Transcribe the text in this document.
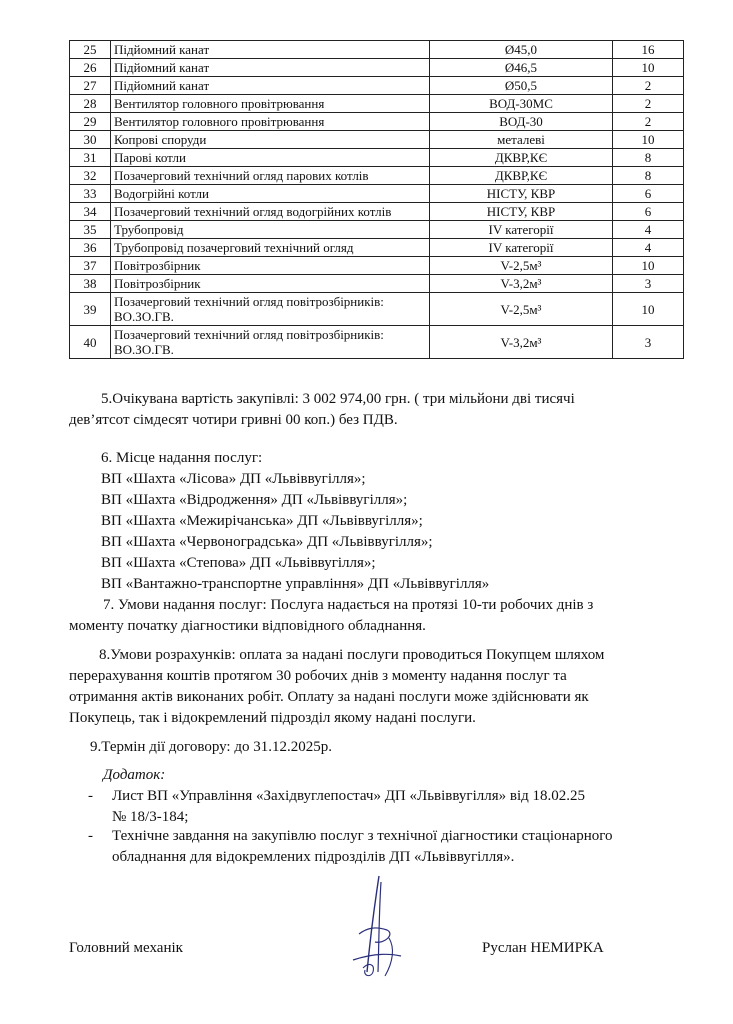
25	Підйомний канат	Ø45,0	16
26	Підйомний канат	Ø46,5	10
27	Підйомний канат	Ø50,5	2
28	Вентилятор головного провітрювання	ВОД-30МС	2
29	Вентилятор головного провітрювання	ВОД-30	2
30	Копрові споруди	металеві	10
31	Парові котли	ДКВР,КЄ	8
32	Позачерговий технічний огляд парових котлів	ДКВР,КЄ	8
33	Водогрійні котли	НІСТУ, КВР	6
34	Позачерговий технічний огляд водогрійних котлів	НІСТУ, КВР	6
35	Трубопровід	IV категорії	4
36	Трубопровід позачерговий технічний огляд	IV категорії	4
37	Повітрозбірник	V-2,5м³	10
38	Повітрозбірник	V-3,2м³	3
39	Позачерговий технічний огляд повітрозбірників: ВО.ЗО.ГВ.	V-2,5м³	10
40	Позачерговий технічний огляд повітрозбірників: ВО.ЗО.ГВ.	V-3,2м³	3
5.Очікувана вартість закупівлі: 3 002 974,00 грн. ( три мільйони дві тисячі
дев’ятсот сімдесят чотири гривні 00 коп.) без ПДВ.
6. Місце надання послуг:
ВП «Шахта «Лісова» ДП «Львіввугілля»;
ВП «Шахта «Відродження» ДП «Львіввугілля»;
ВП «Шахта «Межирічанська» ДП «Львіввугілля»;
ВП «Шахта «Червоноградська» ДП «Львіввугілля»;
ВП «Шахта «Степова» ДП «Львіввугілля»;
ВП «Вантажно-транспортне управління» ДП «Львіввугілля»
7. Умови надання послуг: Послуга надається на протязі 10-ти робочих днів з
моменту початку діагностики відповідного обладнання.
8.Умови розрахунків: оплата за надані послуги проводиться Покупцем шляхом
перерахування коштів протягом 30 робочих днів з моменту надання послуг та
отримання актів виконаних робіт. Оплату за надані послуги може здійснювати як
Покупець, так і відокремлений підрозділ якому надані послуги.
9.Термін дії договору: до 31.12.2025р.
Додаток:
- Лист ВП «Управління «Західвуглепостач» ДП «Львіввугілля» від 18.02.25
№ 18/3-184;
- Технічне завдання на закупівлю послуг з технічної діагностики стаціонарного
обладнання для відокремлених підрозділів ДП «Львіввугілля».
Головний механік	Руслан НЕМИРКА
